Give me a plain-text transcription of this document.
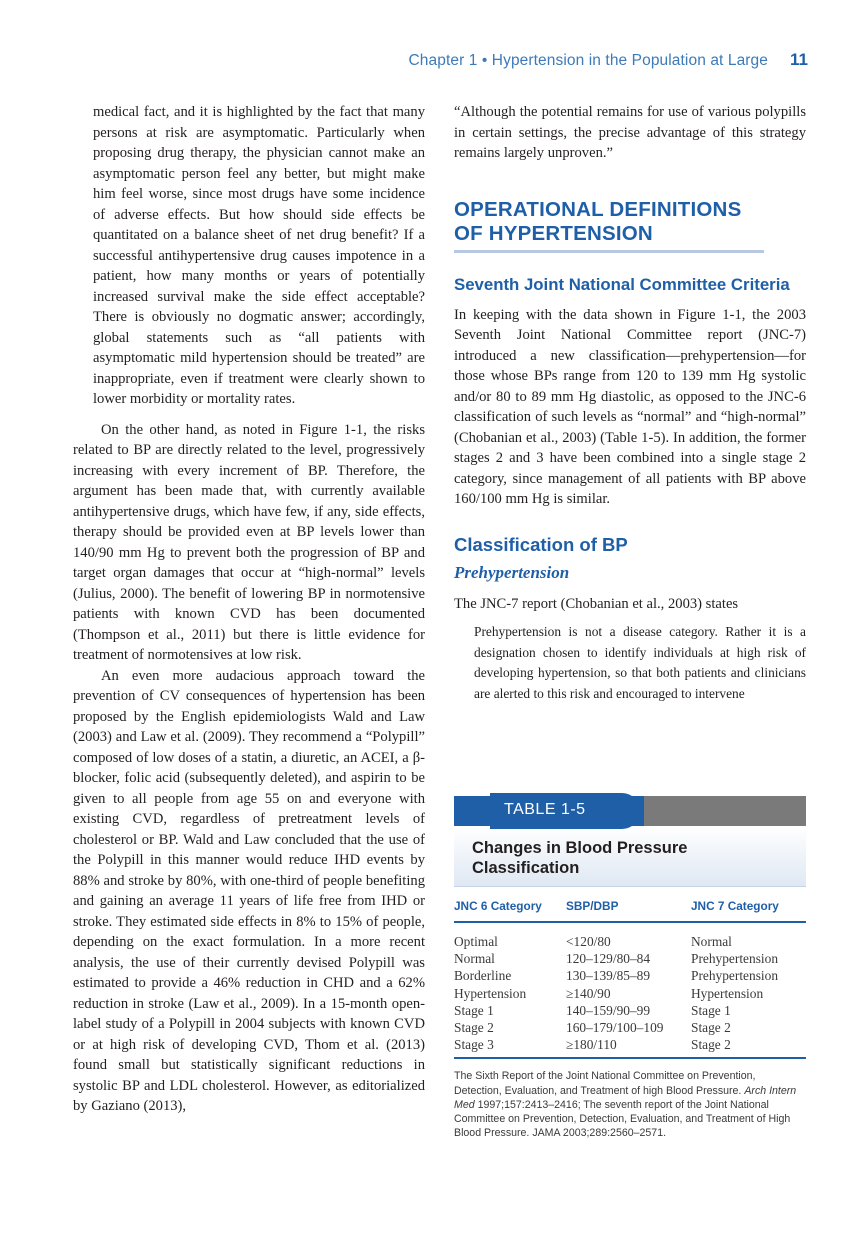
Chapter 1 • Hypertension in the Population at Large 11

medical fact, and it is highlighted by the fact that many persons at risk are asymptomatic. Particularly when proposing drug therapy, the physician cannot make an asymptomatic person feel any better, but might make him feel worse, since most drugs have some incidence of adverse effects. But how should side effects be quantitated on a balance sheet of net drug benefit? If a successful antihypertensive drug causes impotence in a patient, how many months or years of potentially increased survival make the side effect acceptable? There is obviously no dogmatic answer; accordingly, global statements such as “all patients with asymptomatic mild hypertension should be treated” are inappropriate, even if treatment were clearly shown to lower morbidity or mortality rates.

On the other hand, as noted in Figure 1-1, the risks related to BP are directly related to the level, progressively increasing with every increment of BP. Therefore, the argument has been made that, with currently available antihypertensive drugs, which have few, if any, side effects, therapy should be provided even at BP levels lower than 140/90 mm Hg to prevent both the progression of BP and target organ damages that occur at “high-normal” levels (Julius, 2000). The benefit of lowering BP in normotensive patients with known CVD has been documented (Thompson et al., 2011) but there is little evidence for treatment of normotensives at low risk.

An even more audacious approach toward the prevention of CV consequences of hypertension has been proposed by the English epidemiologists Wald and Law (2003) and Law et al. (2009). They recommend a “Polypill” composed of low doses of a statin, a diuretic, an ACEI, a β-blocker, folic acid (subsequently deleted), and aspirin to be given to all people from age 55 on and everyone with existing CVD, regardless of pretreatment levels of cholesterol or BP. Wald and Law concluded that the use of the Polypill in this manner would reduce IHD events by 88% and stroke by 80%, with one-third of people benefiting and gaining an average 11 years of life free from IHD or stroke. They estimated side effects in 8% to 15% of people, depending on the exact formulation. In a more recent analysis, the use of their currently devised Polypill was estimated to provide a 46% reduction in CHD and a 62% reduction in stroke (Law et al., 2009). In a 15-month open-label study of a Polypill in 2004 subjects with known CVD or at high risk of developing CVD, Thom et al. (2013) found small but statistically significant reductions in systolic BP and LDL cholesterol. However, as editorialized by Gaziano (2013),

“Although the potential remains for use of various polypills in certain settings, the precise advantage of this strategy remains largely unproven.”

OPERATIONAL DEFINITIONS OF HYPERTENSION
Seventh Joint National Committee Criteria

In keeping with the data shown in Figure 1-1, the 2003 Seventh Joint National Committee report (JNC-7) introduced a new classification—prehypertension—for those whose BPs range from 120 to 139 mm Hg systolic and/or 80 to 89 mm Hg diastolic, as opposed to the JNC-6 classification of such levels as “normal” and “high-normal” (Chobanian et al., 2003) (Table 1-5). In addition, the former stages 2 and 3 have been combined into a single stage 2 category, since management of all patients with BP above 160/100 mm Hg is similar.

Classification of BP
Prehypertension

The JNC-7 report (Chobanian et al., 2003) states

Prehypertension is not a disease category. Rather it is a designation chosen to identify individuals at high risk of developing hypertension, so that both patients and clinicians are alerted to this risk and encouraged to intervene

TABLE 1-5
Changes in Blood Pressure Classification
JNC 6 Category	SBP/DBP	JNC 7 Category
Optimal	<120/80	Normal
Normal	120–129/80–84	Prehypertension
Borderline	130–139/85–89	Prehypertension
Hypertension	≥140/90	Hypertension
Stage 1	140–159/90–99	Stage 1
Stage 2	160–179/100–109	Stage 2
Stage 3	≥180/110	Stage 2
The Sixth Report of the Joint National Committee on Prevention, Detection, Evaluation, and Treatment of high Blood Pressure. Arch Intern Med 1997;157:2413–2416; The seventh report of the Joint National Committee on Prevention, Detection, Evaluation, and Treatment of High Blood Pressure. JAMA 2003;289:2560–2571.
